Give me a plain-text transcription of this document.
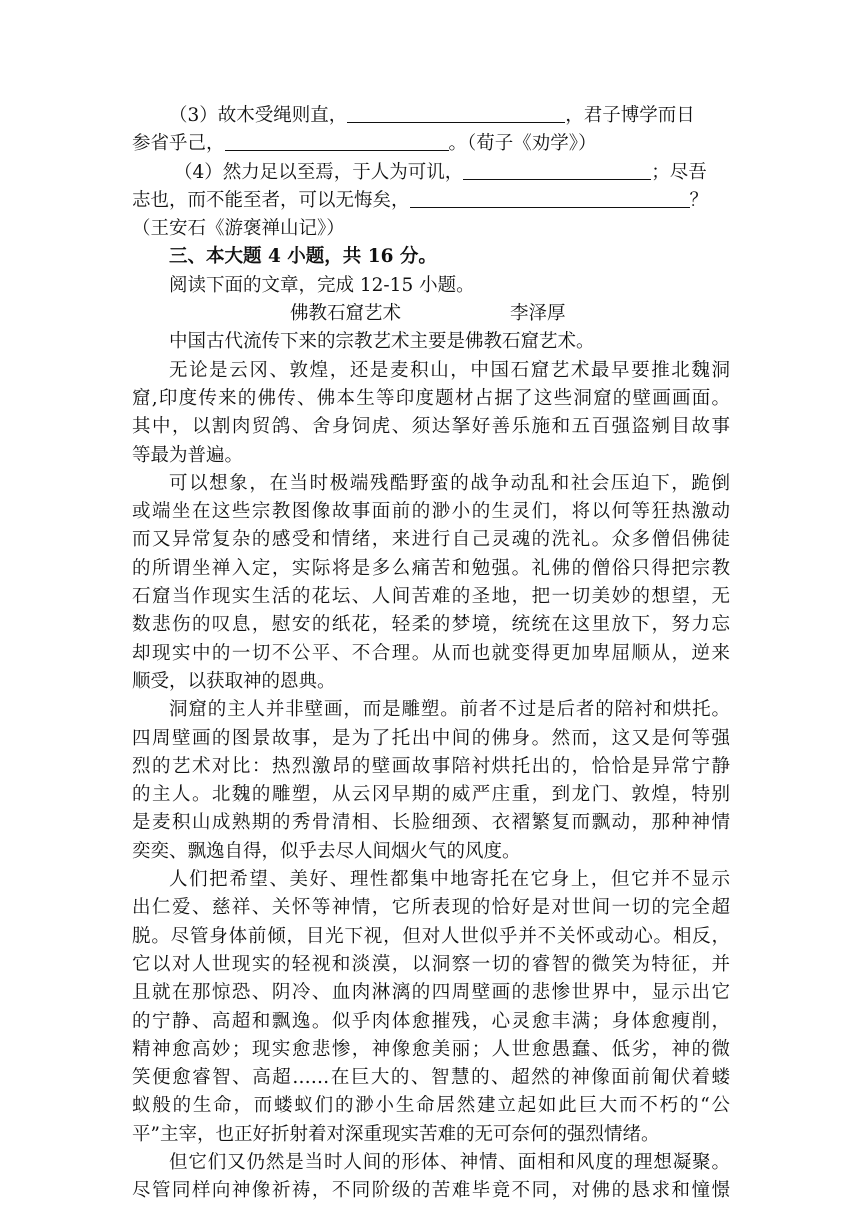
（3）故木受绳则直，	，君子博学而日
参省乎己，	。（荀子《劝学》）
（4）然力足以至焉，于人为可讥，	；尽吾
志也，而不能至者，可以无悔矣，	？
（王安石《游褒禅山记》）
三、本大题 4 小题，共 16 分。
阅读下面的文章，完成 12-15 小题。
佛教石窟艺术	李泽厚
中国古代流传下来的宗教艺术主要是佛教石窟艺术。
无论是云冈、敦煌，还是麦积山，中国石窟艺术最早要推北魏洞
窟,印度传来的佛传、佛本生等印度题材占据了这些洞窟的壁画画面。
其中，以割肉贸鸽、舍身饲虎、须达拏好善乐施和五百强盗剜目故事
等最为普遍。
可以想象，在当时极端残酷野蛮的战争动乱和社会压迫下，跪倒
或端坐在这些宗教图像故事面前的渺小的生灵们，将以何等狂热激动
而又异常复杂的感受和情绪，来进行自己灵魂的洗礼。众多僧侣佛徒
的所谓坐禅入定，实际将是多么痛苦和勉强。礼佛的僧俗只得把宗教
石窟当作现实生活的花坛、人间苦难的圣地，把一切美妙的想望，无
数悲伤的叹息，慰安的纸花，轻柔的梦境，统统在这里放下，努力忘
却现实中的一切不公平、不合理。从而也就变得更加卑屈顺从，逆来
顺受，以获取神的恩典。
洞窟的主人并非壁画，而是雕塑。前者不过是后者的陪衬和烘托。
四周壁画的图景故事，是为了托出中间的佛身。然而，这又是何等强
烈的艺术对比：热烈激昂的壁画故事陪衬烘托出的，恰恰是异常宁静
的主人。北魏的雕塑，从云冈早期的威严庄重，到龙门、敦煌，特别
是麦积山成熟期的秀骨清相、长脸细颈、衣褶繁复而飘动，那种神情
奕奕、飘逸自得，似乎去尽人间烟火气的风度。
人们把希望、美好、理性都集中地寄托在它身上，但它并不显示
出仁爱、慈祥、关怀等神情，它所表现的恰好是对世间一切的完全超
脱。尽管身体前倾，目光下视，但对人世似乎并不关怀或动心。相反，
它以对人世现实的轻视和淡漠，以洞察一切的睿智的微笑为特征，并
且就在那惊恐、阴冷、血肉淋漓的四周壁画的悲惨世界中，显示出它
的宁静、高超和飘逸。似乎肉体愈摧残，心灵愈丰满；身体愈瘦削，
精神愈高妙；现实愈悲惨，神像愈美丽；人世愈愚蠢、低劣，神的微
笑便愈睿智、高超……在巨大的、智慧的、超然的神像面前匍伏着蝼
蚁般的生命，而蝼蚁们的渺小生命居然建立起如此巨大而不朽的“公
平”主宰，也正好折射着对深重现实苦难的无可奈何的强烈情绪。
但它们又仍然是当时人间的形体、神情、面相和风度的理想凝聚。
尽管同样向神像祈祷，不同阶级的苦难毕竟不同，对佛的恳求和憧憬
